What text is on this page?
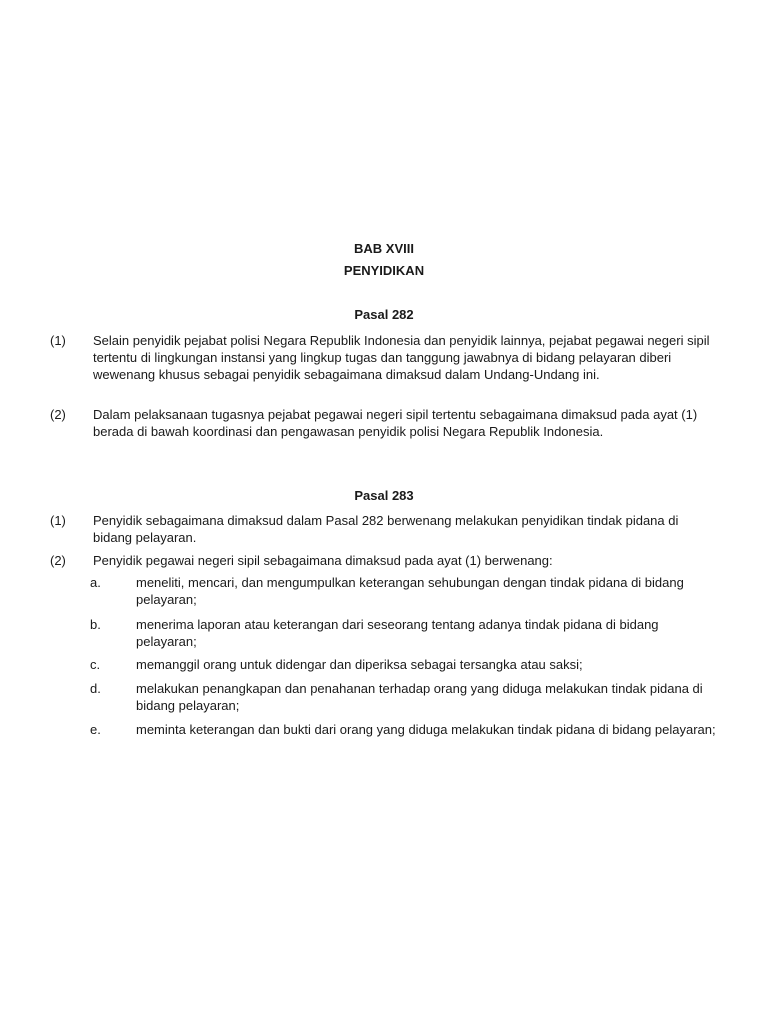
BAB XVIII
PENYIDIKAN
Pasal 282
(1)	Selain penyidik pejabat polisi Negara Republik Indonesia dan penyidik lainnya, pejabat pegawai negeri sipil tertentu di lingkungan instansi yang lingkup tugas dan tanggung jawabnya di bidang pelayaran diberi wewenang khusus sebagai penyidik sebagaimana dimaksud dalam Undang-Undang ini.
(2)	Dalam pelaksanaan tugasnya pejabat pegawai negeri sipil tertentu sebagaimana dimaksud pada ayat (1) berada di bawah koordinasi dan pengawasan penyidik polisi Negara Republik Indonesia.
Pasal 283
(1)	Penyidik sebagaimana dimaksud dalam Pasal 282 berwenang melakukan penyidikan tindak pidana di bidang pelayaran.
(2)	Penyidik pegawai negeri sipil sebagaimana dimaksud pada ayat (1) berwenang:
a.	meneliti, mencari, dan mengumpulkan keterangan sehubungan dengan tindak pidana di bidang pelayaran;
b.	menerima laporan atau keterangan dari seseorang tentang adanya tindak pidana di bidang pelayaran;
c.	memanggil orang untuk didengar dan diperiksa sebagai tersangka atau saksi;
d.	melakukan penangkapan dan penahanan terhadap orang yang diduga melakukan tindak pidana di bidang pelayaran;
e.	meminta keterangan dan bukti dari orang yang diduga melakukan tindak pidana di bidang pelayaran;
